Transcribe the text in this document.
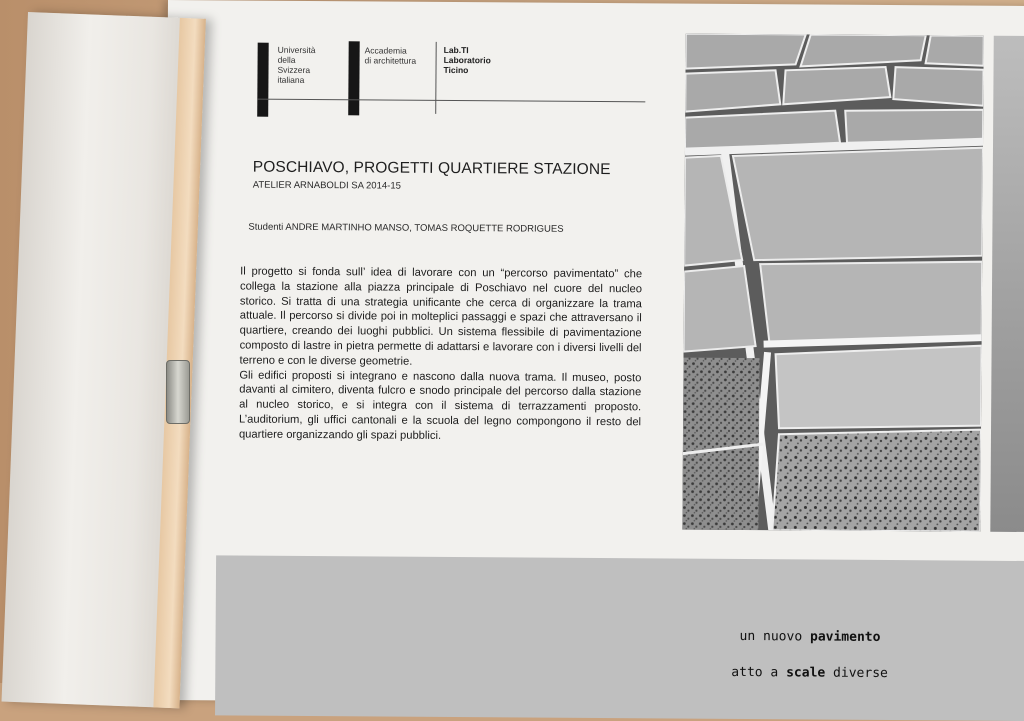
Università
della
Svizzera
italiana
Accademia
di architettura
Lab.TI
Laboratorio
Ticino
POSCHIAVO, PROGETTI QUARTIERE STAZIONE
ATELIER ARNABOLDI SA 2014-15
Studenti ANDRE MARTINHO MANSO, TOMAS ROQUETTE RODRIGUES

Il progetto si fonda sull’ idea di lavorare con un “percorso pavimentato” che collega la stazione alla piazza principale di Poschiavo nel cuore del nucleo storico. Si tratta di una strategia unificante che cerca di organizzare la trama attuale. Il percorso si divide poi in molteplici passaggi e spazi che attraversano il quartiere, creando dei luoghi pubblici. Un sistema flessibile di pavimentazione composto di lastre in pietra permette di adattarsi e lavorare con i diversi livelli del terreno e con le diverse geometrie.

Gli edifici proposti si integrano e nascono dalla nuova trama. Il museo, posto davanti al cimitero, diventa fulcro e snodo principale del percorso dalla stazione al nucleo storico, e si integra con il sistema di terrazzamenti proposto. L’auditorium, gli uffici cantonali e la scuola del legno compongono il resto del quartiere organizzando gli spazi pubblici.

un nuovo pavimento
atto a scale diverse
